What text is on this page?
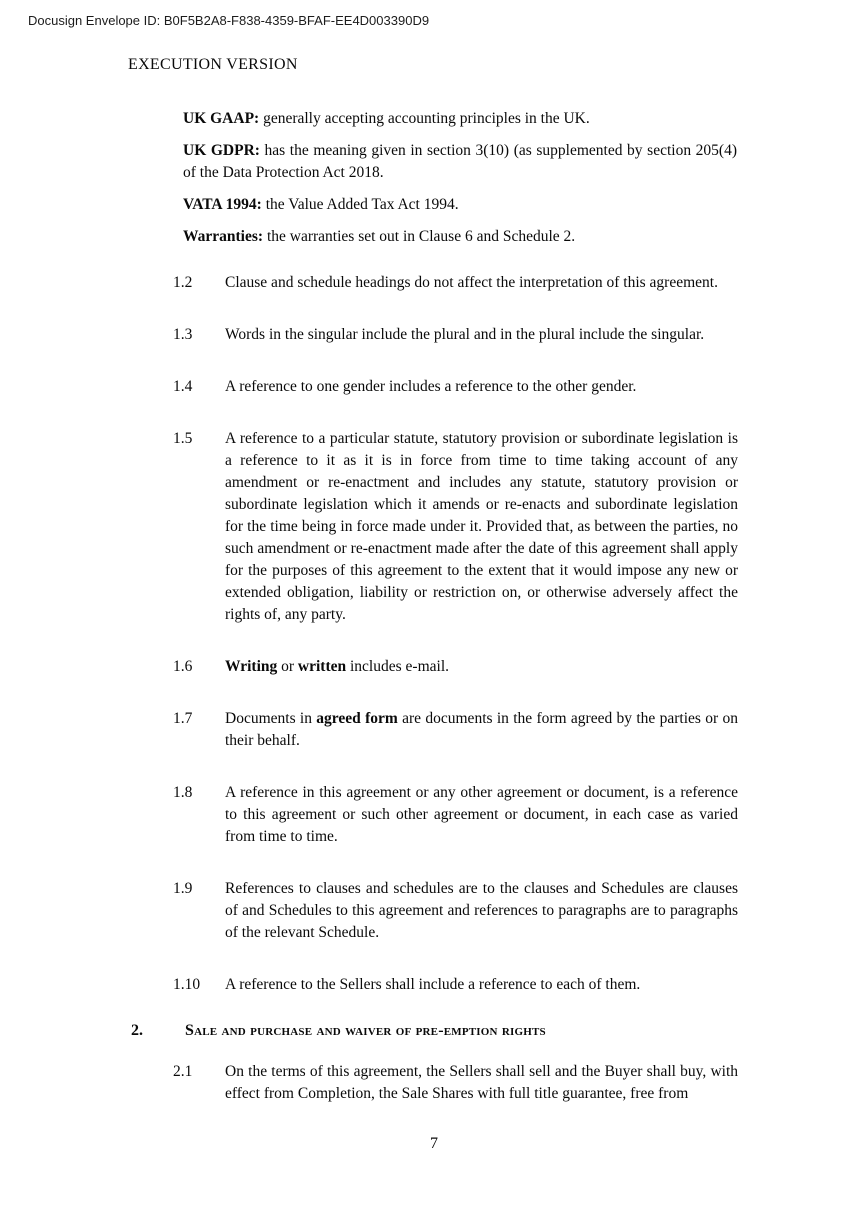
Docusign Envelope ID: B0F5B2A8-F838-4359-BFAF-EE4D003390D9
EXECUTION VERSION
UK GAAP: generally accepting accounting principles in the UK.
UK GDPR: has the meaning given in section 3(10) (as supplemented by section 205(4) of the Data Protection Act 2018.
VATA 1994: the Value Added Tax Act 1994.
Warranties: the warranties set out in Clause 6 and Schedule 2.
1.2	Clause and schedule headings do not affect the interpretation of this agreement.
1.3	Words in the singular include the plural and in the plural include the singular.
1.4	A reference to one gender includes a reference to the other gender.
1.5	A reference to a particular statute, statutory provision or subordinate legislation is a reference to it as it is in force from time to time taking account of any amendment or re-enactment and includes any statute, statutory provision or subordinate legislation which it amends or re-enacts and subordinate legislation for the time being in force made under it. Provided that, as between the parties, no such amendment or re-enactment made after the date of this agreement shall apply for the purposes of this agreement to the extent that it would impose any new or extended obligation, liability or restriction on, or otherwise adversely affect the rights of, any party.
1.6	Writing or written includes e-mail.
1.7	Documents in agreed form are documents in the form agreed by the parties or on their behalf.
1.8	A reference in this agreement or any other agreement or document, is a reference to this agreement or such other agreement or document, in each case as varied from time to time.
1.9	References to clauses and schedules are to the clauses and Schedules are clauses of and Schedules to this agreement and references to paragraphs are to paragraphs of the relevant Schedule.
1.10	A reference to the Sellers shall include a reference to each of them.
2.	Sale and purchase and waiver of pre-emption rights
2.1	On the terms of this agreement, the Sellers shall sell and the Buyer shall buy, with effect from Completion, the Sale Shares with full title guarantee, free from
7
